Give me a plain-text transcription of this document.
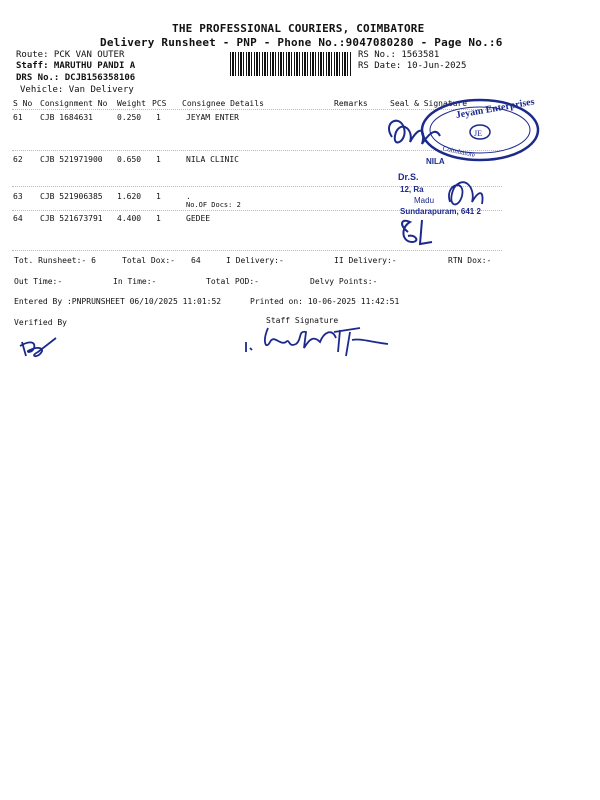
THE PROFESSIONAL COURIERS, COIMBATORE
Delivery Runsheet - PNP - Phone No.:9047080280 - Page No.:6
Route: PCK VAN OUTER
Staff: MARUTHU PANDI A
DRS No.: DCJB156358106
Vehicle: Van Delivery
RS No.: 1563581
RS Date: 10-Jun-2025
S No Consignment No Weight PCS Consignee Details	Remarks	Seal & Signature
61 CJB 1684631	0.250 1	JEYAM ENTER
62 CJB 521971900 0.650 1	NILA CLINIC
63 CJB 521906385 1.620 1	.
No.OF Docs: 2
64 CJB 521673791 4.400 1	GEDEE
Jeyam Enterprises
JE
Coimbatore
NILA
Dr.S.
12, Ra
Madu
Sundarapuram, 641 2
Tot. Runsheet:- 6	Total Dox:- 64	I Delivery:-	II Delivery:-	RTN Dox:-
Out Time:-	In Time:-	Total POD:-	Delvy Points:-
Entered By :PNPRUNSHEET 06/10/2025 11:01:52	Printed on: 10-06-2025 11:42:51
Verified By	Staff Signature
